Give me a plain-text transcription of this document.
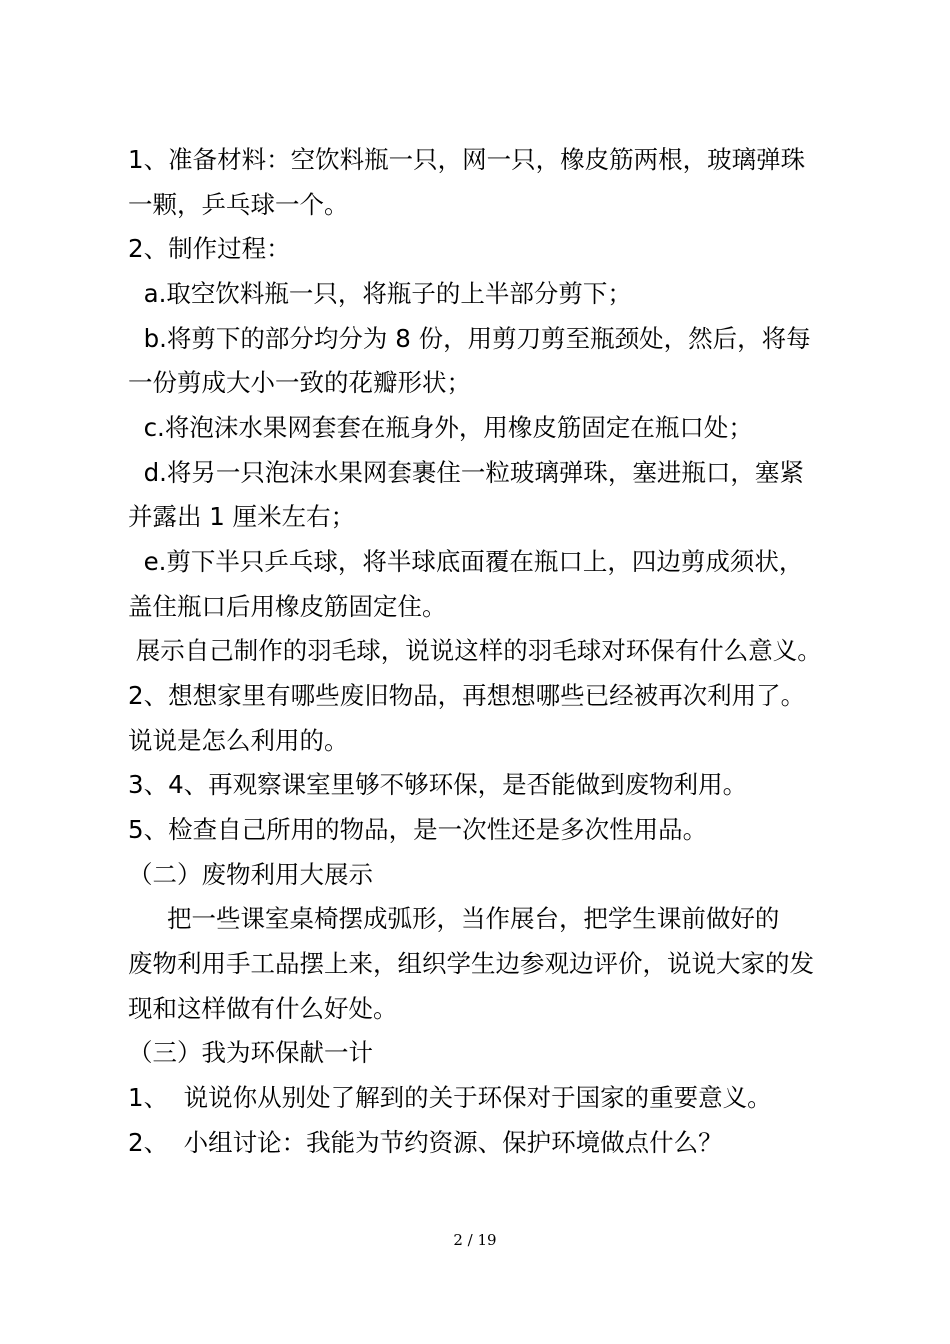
1、准备材料：空饮料瓶一只，网一只，橡皮筋两根，玻璃弹珠
一颗，乒乓球一个。
2、制作过程：
a.取空饮料瓶一只，将瓶子的上半部分剪下；
b.将剪下的部分均分为 8 份，用剪刀剪至瓶颈处，然后，将每
一份剪成大小一致的花瓣形状；
c.将泡沫水果网套套在瓶身外，用橡皮筋固定在瓶口处；
d.将另一只泡沫水果网套裹住一粒玻璃弹珠，塞进瓶口，塞紧
并露出 1 厘米左右；
e.剪下半只乒乓球，将半球底面覆在瓶口上，四边剪成须状，
盖住瓶口后用橡皮筋固定住。
展示自己制作的羽毛球，说说这样的羽毛球对环保有什么意义。
2、想想家里有哪些废旧物品，再想想哪些已经被再次利用了。
说说是怎么利用的。
3、4、再观察课室里够不够环保，是否能做到废物利用。
5、检查自己所用的物品，是一次性还是多次性用品。
（二）废物利用大展示
把一些课室桌椅摆成弧形，当作展台，把学生课前做好的
废物利用手工品摆上来，组织学生边参观边评价，说说大家的发
现和这样做有什么好处。
（三）我为环保献一计
1、  说说你从别处了解到的关于环保对于国家的重要意义。
2、  小组讨论：我能为节约资源、保护环境做点什么？
2 / 19
